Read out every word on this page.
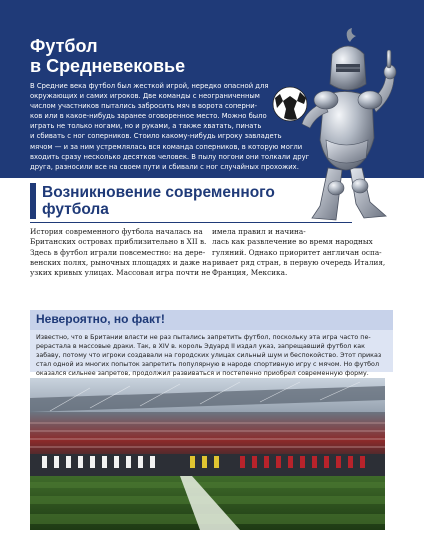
Футбол
в Средневековье
В Средние века футбол был жесткой игрой, нередко опасной для
окружающих и самих игроков. Две команды с неограниченным
числом участников пытались забросить мяч в ворота соперни-
ков или в какое-нибудь заранее оговоренное место. Можно было
играть не только ногами, но и руками, а также хватать, пинать
и сбивать с ног соперников. Стоило какому-нибудь игроку завладеть
мячом — и за ним устремлялась вся команда соперников, в которую могли
входить сразу несколько десятков человек. В пылу погони они толкали друг
друга, разносили все на своем пути и сбивали с ног случайных прохожих.
Возникновение современного
футбола
История современного футбола началась на
Британских островах приблизительно в XII в.
Здесь в футбол играли повсеместно: на дере-
венских полях, рыночных площадях и даже на
узких кривых улицах. Массовая игра почти не
имела правил и начина-
лась как развлечение во время народных
гуляний. Однако приоритет англичан оспа-
ривает ряд стран, в первую очередь Италия,
Франция, Мексика.
Невероятно, но факт!
Известно, что в Британии власти не раз пытались запретить футбол, поскольку эта игра часто пе-
рерастала в массовые драки. Так, в XIV в. король Эдуард II издал указ, запрещавший футбол как
забаву, потому что игроки создавали на городских улицах сильный шум и беспокойство. Этот приказ
стал одной из многих попыток запретить популярную в народе спортивную игру с мячом. Но футбол
оказался сильнее запретов, продолжил развиваться и постепенно приобрел современную форму.
